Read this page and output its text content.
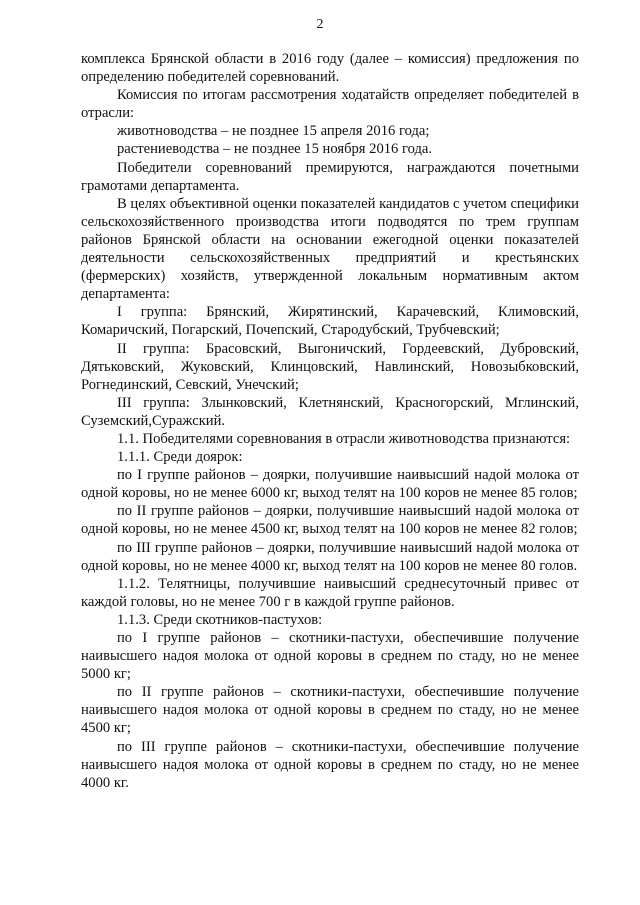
2

комплекса Брянской области в 2016 году (далее – комиссия) предложения по определению победителей соревнований.

Комиссия по итогам рассмотрения ходатайств определяет победителей в отрасли:

животноводства – не позднее 15 апреля 2016 года;

растениеводства – не позднее 15 ноября 2016 года.

Победители соревнований премируются, награждаются почетными грамотами департамента.

В целях объективной оценки показателей кандидатов с учетом специфики сельскохозяйственного производства итоги подводятся по трем группам районов Брянской области на основании ежегодной оценки показателей деятельности сельскохозяйственных предприятий и крестьянских (фермерских) хозяйств, утвержденной локальным нормативным актом департамента:

I группа: Брянский, Жирятинский, Карачевский, Климовский, Комаричский, Погарский, Почепский, Стародубский, Трубчевский;

II группа: Брасовский, Выгоничский, Гордеевский, Дубровский, Дятьковский, Жуковский, Клинцовский, Навлинский, Новозыбковский, Рогнединский, Севский, Унечский;

III группа: Злынковский, Клетнянский, Красногорский, Мглинский, Суземский,Суражский.

1.1. Победителями соревнования в отрасли животноводства признаются:

1.1.1. Среди доярок:

по I группе районов – доярки, получившие наивысший надой молока от одной коровы, но не менее 6000 кг, выход телят на 100 коров не менее 85 голов;

по II группе районов – доярки, получившие наивысший надой молока от одной коровы, но не менее 4500 кг, выход телят на 100 коров не менее 82 голов;

по III группе районов – доярки, получившие наивысший надой молока от одной коровы, но не менее 4000 кг, выход телят на 100 коров не менее 80 голов.

1.1.2. Телятницы, получившие наивысший среднесуточный привес от каждой головы, но не менее 700 г в каждой группе районов.

1.1.3. Среди скотников-пастухов:

по I группе районов – скотники-пастухи, обеспечившие получение наивысшего надоя молока от одной коровы в среднем по стаду, но не менее 5000 кг;

по II группе районов – скотники-пастухи, обеспечившие получение наивысшего надоя молока от одной коровы в среднем по стаду, но не менее 4500 кг;

по III группе районов – скотники-пастухи, обеспечившие получение наивысшего надоя молока от одной коровы в среднем по стаду, но не менее 4000 кг.
